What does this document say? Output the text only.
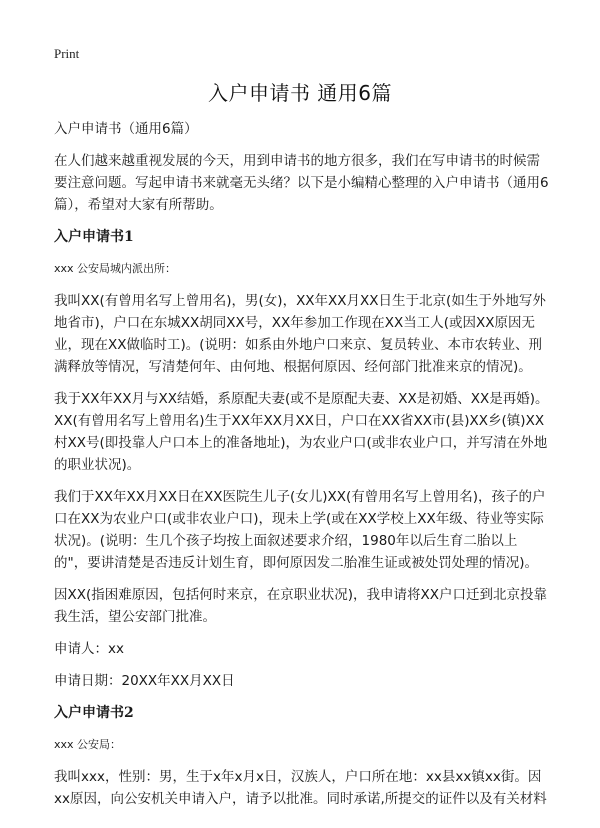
Print
入户申请书 通用6篇

入户申请书（通用6篇）

在人们越来越重视发展的今天，用到申请书的地方很多，我们在写申请书的时候需要注意问题。写起申请书来就毫无头绪？以下是小编精心整理的入户申请书（通用6篇），希望对大家有所帮助。

入户申请书1

xxx 公安局城内派出所：

我叫XX(有曾用名写上曾用名)，男(女)，XX年XX月XX日生于北京(如生于外地写外地省市)，户口在东城XX胡同XX号，XX年参加工作现在XX当工人(或因XX原因无业，现在XX做临时工)。(说明：如系由外地户口来京、复员转业、本市农转业、刑满释放等情况，写清楚何年、由何地、根据何原因、经何部门批准来京的情况)。

我于XX年XX月与XX结婚，系原配夫妻(或不是原配夫妻、XX是初婚、XX是再婚)。XX(有曾用名写上曾用名)生于XX年XX月XX日，户口在XX省XX市(县)XX乡(镇)XX村XX号(即投靠人户口本上的准备地址)，为农业户口(或非农业户口，并写清在外地的职业状况)。

我们于XX年XX月XX日在XX医院生儿子(女儿)XX(有曾用名写上曾用名)，孩子的户口在XX为农业户口(或非农业户口)，现未上学(或在XX学校上XX年级、待业等实际状况)。(说明：生几个孩子均按上面叙述要求介绍，1980年以后生育二胎以上的"，要讲清楚是否违反计划生育，即何原因发二胎准生证或被处罚处理的情况)。

因XX(指困难原因，包括何时来京，在京职业状况)，我申请将XX户口迁到北京投靠我生活，望公安部门批准。

申请人：xx

申请日期：20XX年XX月XX日

入户申请书2

xxx 公安局：

我叫xxx，性别：男，生于x年x月x日，汉族人，户口所在地：xx县xx镇xx街。因xx原因，向公安机关申请入户，请予以批准。同时承诺,所提交的证件以及有关材料
